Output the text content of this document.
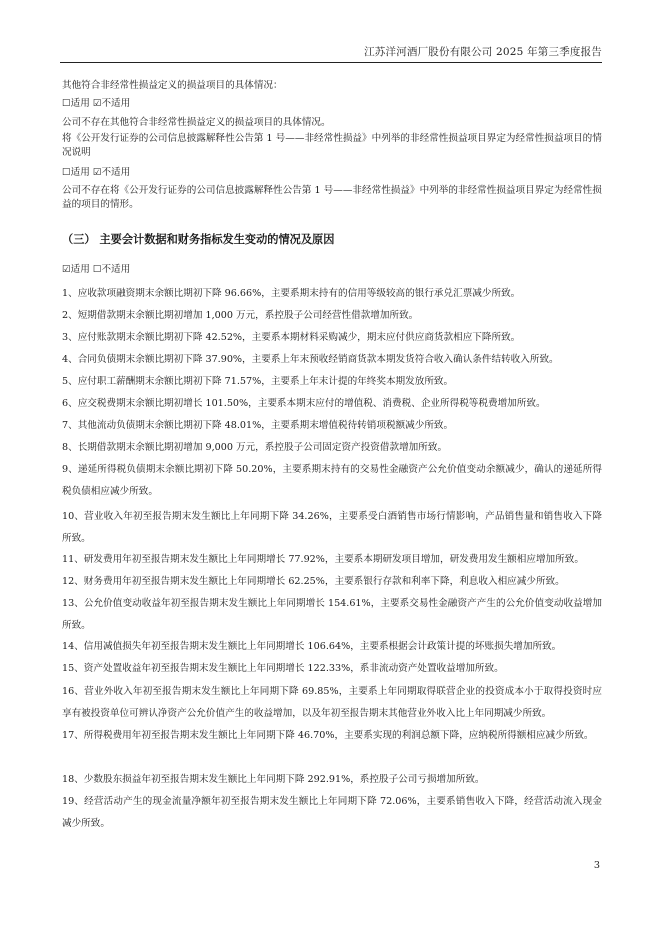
江苏洋河酒厂股份有限公司 2025 年第三季度报告
其他符合非经常性损益定义的损益项目的具体情况：
☐适用 ☑不适用
公司不存在其他符合非经常性损益定义的损益项目的具体情况。
将《公开发行证券的公司信息披露解释性公告第 1 号——非经常性损益》中列举的非经常性损益项目界定为经常性损益项目的情况说明
☐适用 ☑不适用
公司不存在将《公开发行证券的公司信息披露解释性公告第 1 号——非经常性损益》中列举的非经常性损益项目界定为经常性损益的项目的情形。
（三） 主要会计数据和财务指标发生变动的情况及原因
☑适用 ☐不适用
1、应收款项融资期末余额比期初下降 96.66%，主要系期末持有的信用等级较高的银行承兑汇票减少所致。
2、短期借款期末余额比期初增加 1,000 万元，系控股子公司经营性借款增加所致。
3、应付账款期末余额比期初下降 42.52%，主要系本期材料采购减少，期末应付供应商货款相应下降所致。
4、合同负债期末余额比期初下降 37.90%，主要系上年末预收经销商货款本期发货符合收入确认条件结转收入所致。
5、应付职工薪酬期末余额比期初下降 71.57%，主要系上年末计提的年终奖本期发放所致。
6、应交税费期末余额比期初增长 101.50%，主要系本期末应付的增值税、消费税、企业所得税等税费增加所致。
7、其他流动负债期末余额比期初下降 48.01%，主要系期末增值税待转销项税额减少所致。
8、长期借款期末余额比期初增加 9,000 万元，系控股子公司固定资产投资借款增加所致。
9、递延所得税负债期末余额比期初下降 50.20%，主要系期末持有的交易性金融资产公允价值变动余额减少，确认的递延所得税负债相应减少所致。
10、营业收入年初至报告期末发生额比上年同期下降 34.26%，主要系受白酒销售市场行情影响，产品销售量和销售收入下降所致。
11、研发费用年初至报告期末发生额比上年同期增长 77.92%，主要系本期研发项目增加，研发费用发生额相应增加所致。
12、财务费用年初至报告期末发生额比上年同期增长 62.25%，主要系银行存款和利率下降，利息收入相应减少所致。
13、公允价值变动收益年初至报告期末发生额比上年同期增长 154.61%，主要系交易性金融资产产生的公允价值变动收益增加所致。
14、信用减值损失年初至报告期末发生额比上年同期增长 106.64%，主要系根据会计政策计提的坏账损失增加所致。
15、资产处置收益年初至报告期末发生额比上年同期增长 122.33%，系非流动资产处置收益增加所致。
16、营业外收入年初至报告期末发生额比上年同期下降 69.85%，主要系上年同期取得联营企业的投资成本小于取得投资时应享有被投资单位可辨认净资产公允价值产生的收益增加，以及年初至报告期末其他营业外收入比上年同期减少所致。
17、所得税费用年初至报告期末发生额比上年同期下降 46.70%，主要系实现的利润总额下降，应纳税所得额相应减少所致。
18、少数股东损益年初至报告期末发生额比上年同期下降 292.91%，系控股子公司亏损增加所致。
19、经营活动产生的现金流量净额年初至报告期末发生额比上年同期下降 72.06%，主要系销售收入下降，经营活动流入现金减少所致。
3
